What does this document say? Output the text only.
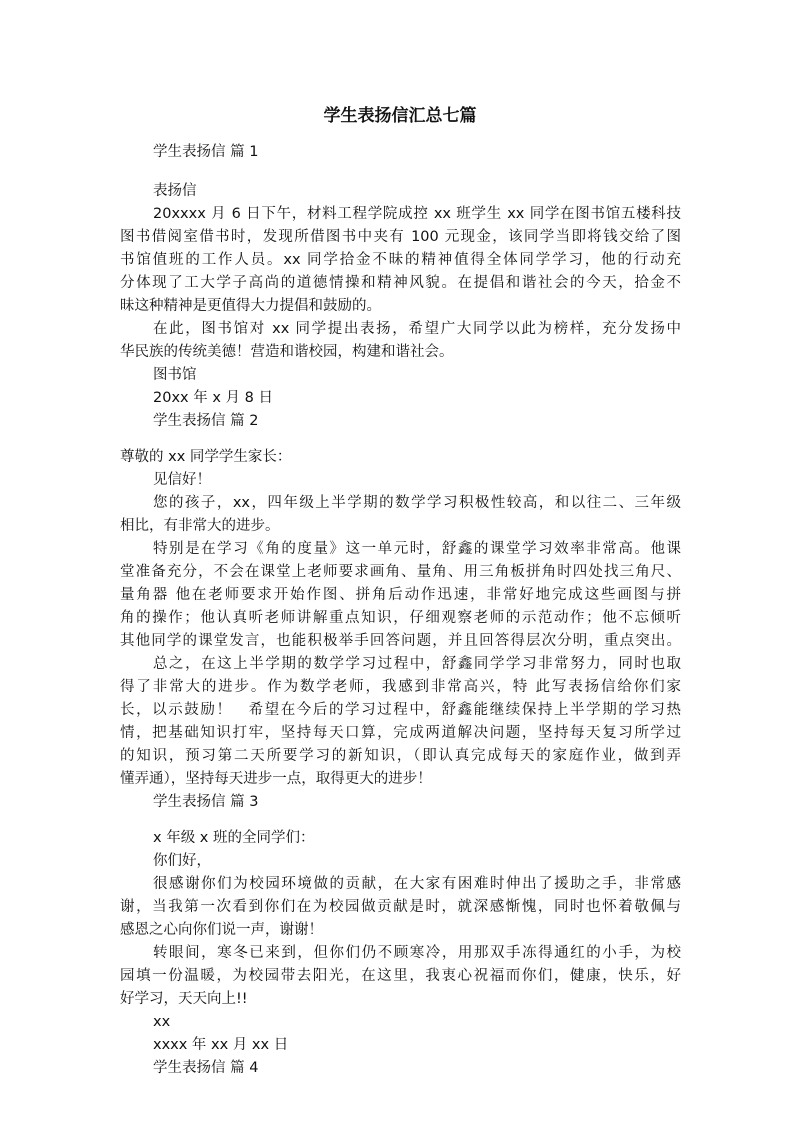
学生表扬信汇总七篇
学生表扬信 篇 1
表扬信
20xxxx 月 6 日下午，材料工程学院成控 xx 班学生 xx 同学在图书馆五楼科技
图书借阅室借书时，发现所借图书中夹有 100 元现金，该同学当即将钱交给了图
书馆值班的工作人员。xx 同学拾金不昧的精神值得全体同学学习，他的行动充
分体现了工大学子高尚的道德情操和精神风貌。在提倡和谐社会的今天，拾金不
昧这种精神是更值得大力提倡和鼓励的。
在此，图书馆对 xx 同学提出表扬，希望广大同学以此为榜样，充分发扬中
华民族的传统美德！营造和谐校园，构建和谐社会。
图书馆
20xx 年 x 月 8 日
学生表扬信 篇 2
尊敬的 xx 同学学生家长：
见信好！
您的孩子，xx，四年级上半学期的数学学习积极性较高，和以往二、三年级
相比，有非常大的进步。
特别是在学习《角的度量》这一单元时，舒鑫的课堂学习效率非常高。他课
堂准备充分，不会在课堂上老师要求画角、量角、用三角板拼角时四处找三角尺、
量角器 他在老师要求开始作图、拼角后动作迅速，非常好地完成这些画图与拼
角的操作；他认真听老师讲解重点知识，仔细观察老师的示范动作；他不忘倾听
其他同学的课堂发言，也能积极举手回答问题，并且回答得层次分明，重点突出。
总之，在这上半学期的数学学习过程中，舒鑫同学学习非常努力，同时也取
得了非常大的进步。作为数学老师，我感到非常高兴，特 此写表扬信给你们家
长，以示鼓励！　希望在今后的学习过程中，舒鑫能继续保持上半学期的学习热
情，把基础知识打牢，坚持每天口算，完成两道解决问题，坚持每天复习所学过
的知识，预习第二天所要学习的新知识，（即认真完成每天的家庭作业，做到弄
懂弄通），坚持每天进步一点，取得更大的进步！
学生表扬信 篇 3
x 年级 x 班的全同学们：
你们好，
很感谢你们为校园环境做的贡献，在大家有困难时伸出了援助之手，非常感
谢，当我第一次看到你们在为校园做贡献是时，就深感惭愧，同时也怀着敬佩与
感恩之心向你们说一声，谢谢！
转眼间，寒冬已来到，但你们仍不顾寒冷，用那双手冻得通红的小手，为校
园填一份温暖，为校园带去阳光，在这里，我衷心祝福而你们，健康，快乐，好
好学习，天天向上!!
xx
xxxx 年 xx 月 xx 日
学生表扬信 篇 4
